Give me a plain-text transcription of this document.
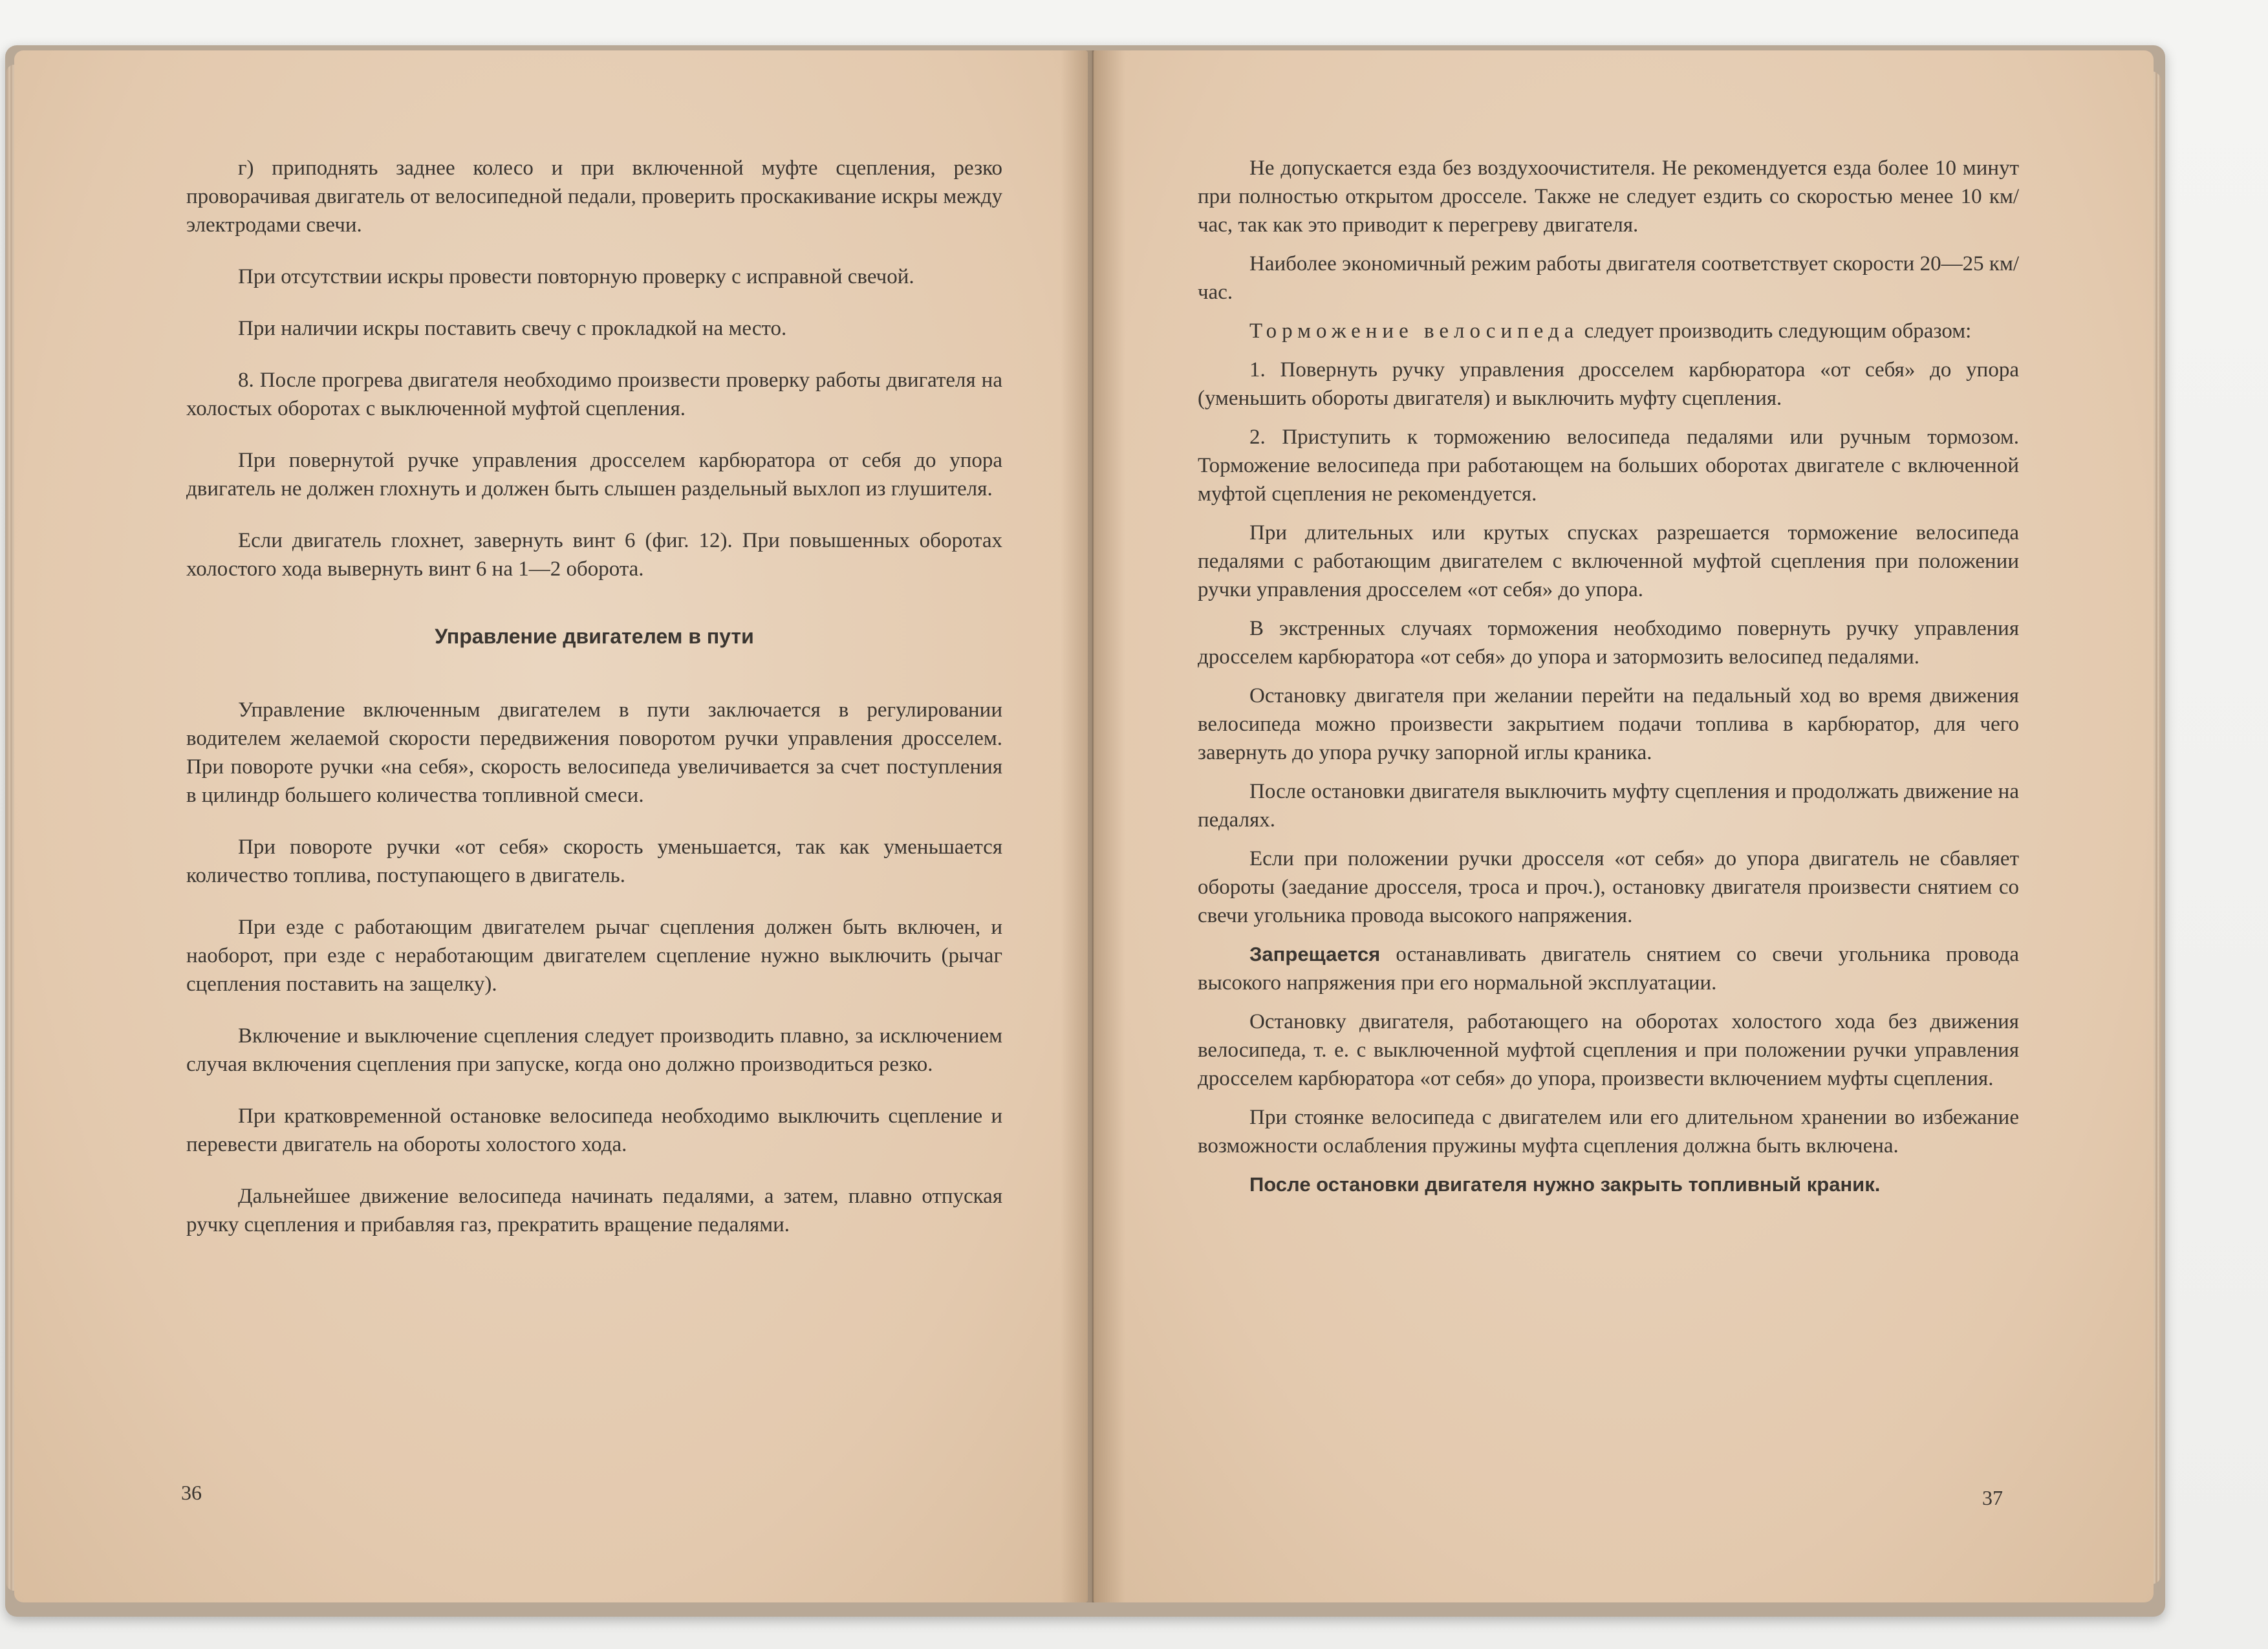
г) приподнять заднее колесо и при включенной муфте сцепления, резко проворачивая двигатель от велосипедной педали, проверить проскакивание искры между электродами свечи.

При отсутствии искры провести повторную проверку с исправной свечой.

При наличии искры поставить свечу с прокладкой на место.

8. После прогрева двигателя необходимо произвести проверку работы двигателя на холостых оборотах с выключенной муфтой сцепления.

При повернутой ручке управления дросселем карбюратора от себя до упора двигатель не должен глохнуть и должен быть слышен раздельный выхлоп из глушителя.

Если двигатель глохнет, завернуть винт 6 (фиг. 12). При повышенных оборотах холостого хода вывернуть винт 6 на 1—2 оборота.

Управление двигателем в пути

Управление включенным двигателем в пути заключается в регулировании водителем желаемой скорости передвижения поворотом ручки управления дросселем. При повороте ручки «на себя», скорость велосипеда увеличивается за счет поступления в цилиндр большего количества топливной смеси.

При повороте ручки «от себя» скорость уменьшается, так как уменьшается количество топлива, поступающего в двигатель.

При езде с работающим двигателем рычаг сцепления должен быть включен, и наоборот, при езде с неработающим двигателем сцепление нужно выключить (рычаг сцепления поставить на защелку).

Включение и выключение сцепления следует производить плавно, за исключением случая включения сцепления при запуске, когда оно должно производиться резко.

При кратковременной остановке велосипеда необходимо выключить сцепление и перевести двигатель на обороты холостого хода.

Дальнейшее движение велосипеда начинать педалями, а затем, плавно отпуская ручку сцепления и прибавляя газ, прекратить вращение педалями.

36

Не допускается езда без воздухоочистителя. Не рекомендуется езда более 10 минут при полностью открытом дросселе. Также не следует ездить со скоростью менее 10 км/час, так как это приводит к перегреву двигателя.

Наиболее экономичный режим работы двигателя соответствует скорости 20—25 км/час.

Торможение велосипеда следует производить следующим образом:

1. Повернуть ручку управления дросселем карбюратора «от себя» до упора (уменьшить обороты двигателя) и выключить муфту сцепления.

2. Приступить к торможению велосипеда педалями или ручным тормозом. Торможение велосипеда при работающем на больших оборотах двигателе с включенной муфтой сцепления не рекомендуется.

При длительных или крутых спусках разрешается торможение велосипеда педалями с работающим двигателем с включенной муфтой сцепления при положении ручки управления дросселем «от себя» до упора.

В экстренных случаях торможения необходимо повернуть ручку управления дросселем карбюратора «от себя» до упора и затормозить велосипед педалями.

Остановку двигателя при желании перейти на педальный ход во время движения велосипеда можно произвести закрытием подачи топлива в карбюратор, для чего завернуть до упора ручку запорной иглы краника.

После остановки двигателя выключить муфту сцепления и продолжать движение на педалях.

Если при положении ручки дросселя «от себя» до упора двигатель не сбавляет обороты (заедание дросселя, троса и проч.), остановку двигателя произвести снятием со свечи угольника провода высокого напряжения.

Запрещается останавливать двигатель снятием со свечи угольника провода высокого напряжения при его нормальной эксплуатации.

Остановку двигателя, работающего на оборотах холостого хода без движения велосипеда, т. е. с выключенной муфтой сцепления и при положении ручки управления дросселем карбюратора «от себя» до упора, произвести включением муфты сцепления.

При стоянке велосипеда с двигателем или его длительном хранении во избежание возможности ослабления пружины муфта сцепления должна быть включена.

После остановки двигателя нужно закрыть топливный краник.

37
